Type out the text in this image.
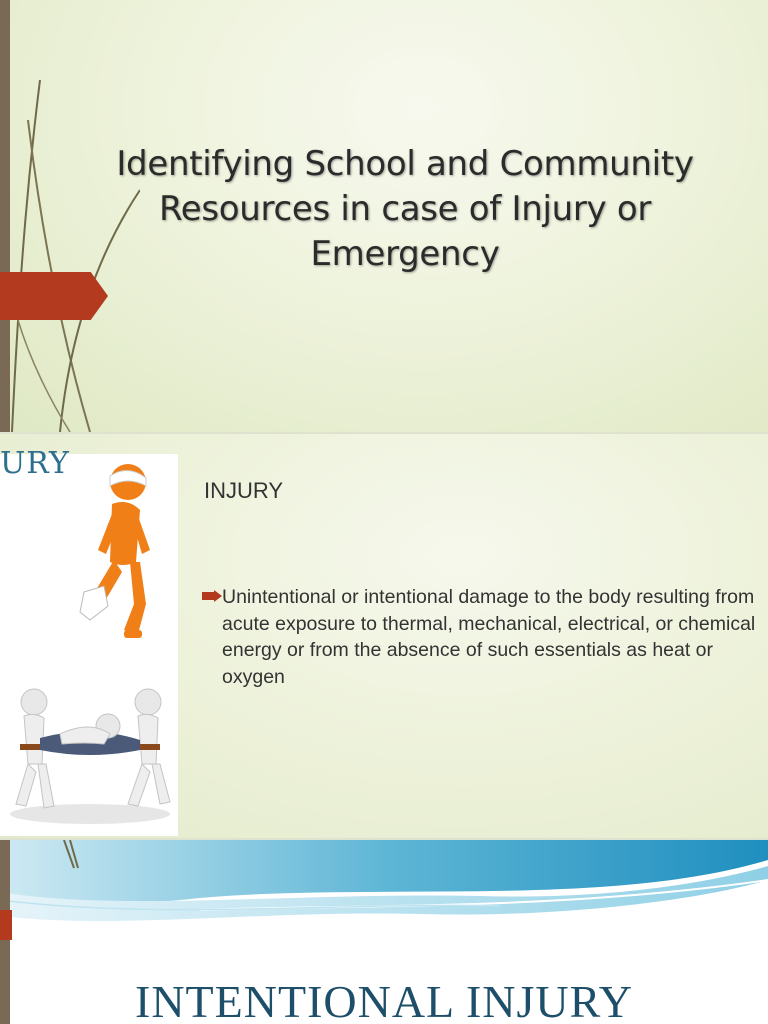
Identifying School and Community Resources in case of Injury or Emergency
URY
INJURY
Unintentional or intentional damage to the body resulting from acute exposure to thermal, mechanical, electrical, or chemical energy or from the absence of such essentials as heat or oxygen
INTENTIONAL INJURY
